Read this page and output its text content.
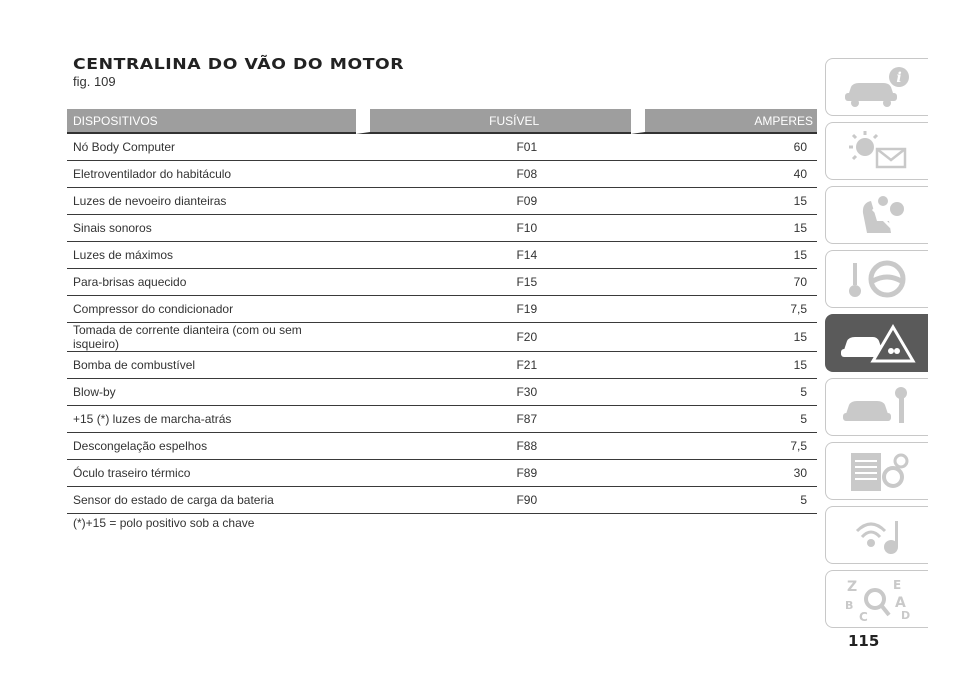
CENTRALINA DO VÃO DO MOTOR
fig. 109
DISPOSITIVOS	FUSÍVEL	AMPERES
Nó Body Computer	F01	60
Eletroventilador do habitáculo	F08	40
Luzes de nevoeiro dianteiras	F09	15
Sinais sonoros	F10	15
Luzes de máximos	F14	15
Para-brisas aquecido	F15	70
Compressor do condicionador	F19	7,5
Tomada de corrente dianteira (com ou sem isqueiro)	F20	15
Bomba de combustível	F21	15
Blow-by	F30	5
+15 (*) luzes de marcha-atrás	F87	5
Descongelação espelhos	F88	7,5
Óculo traseiro térmico	F89	30
Sensor do estado de carga da bateria	F90	5
(*)+15 = polo positivo sob a chave
i
Z	E
B	A
C	D
115
